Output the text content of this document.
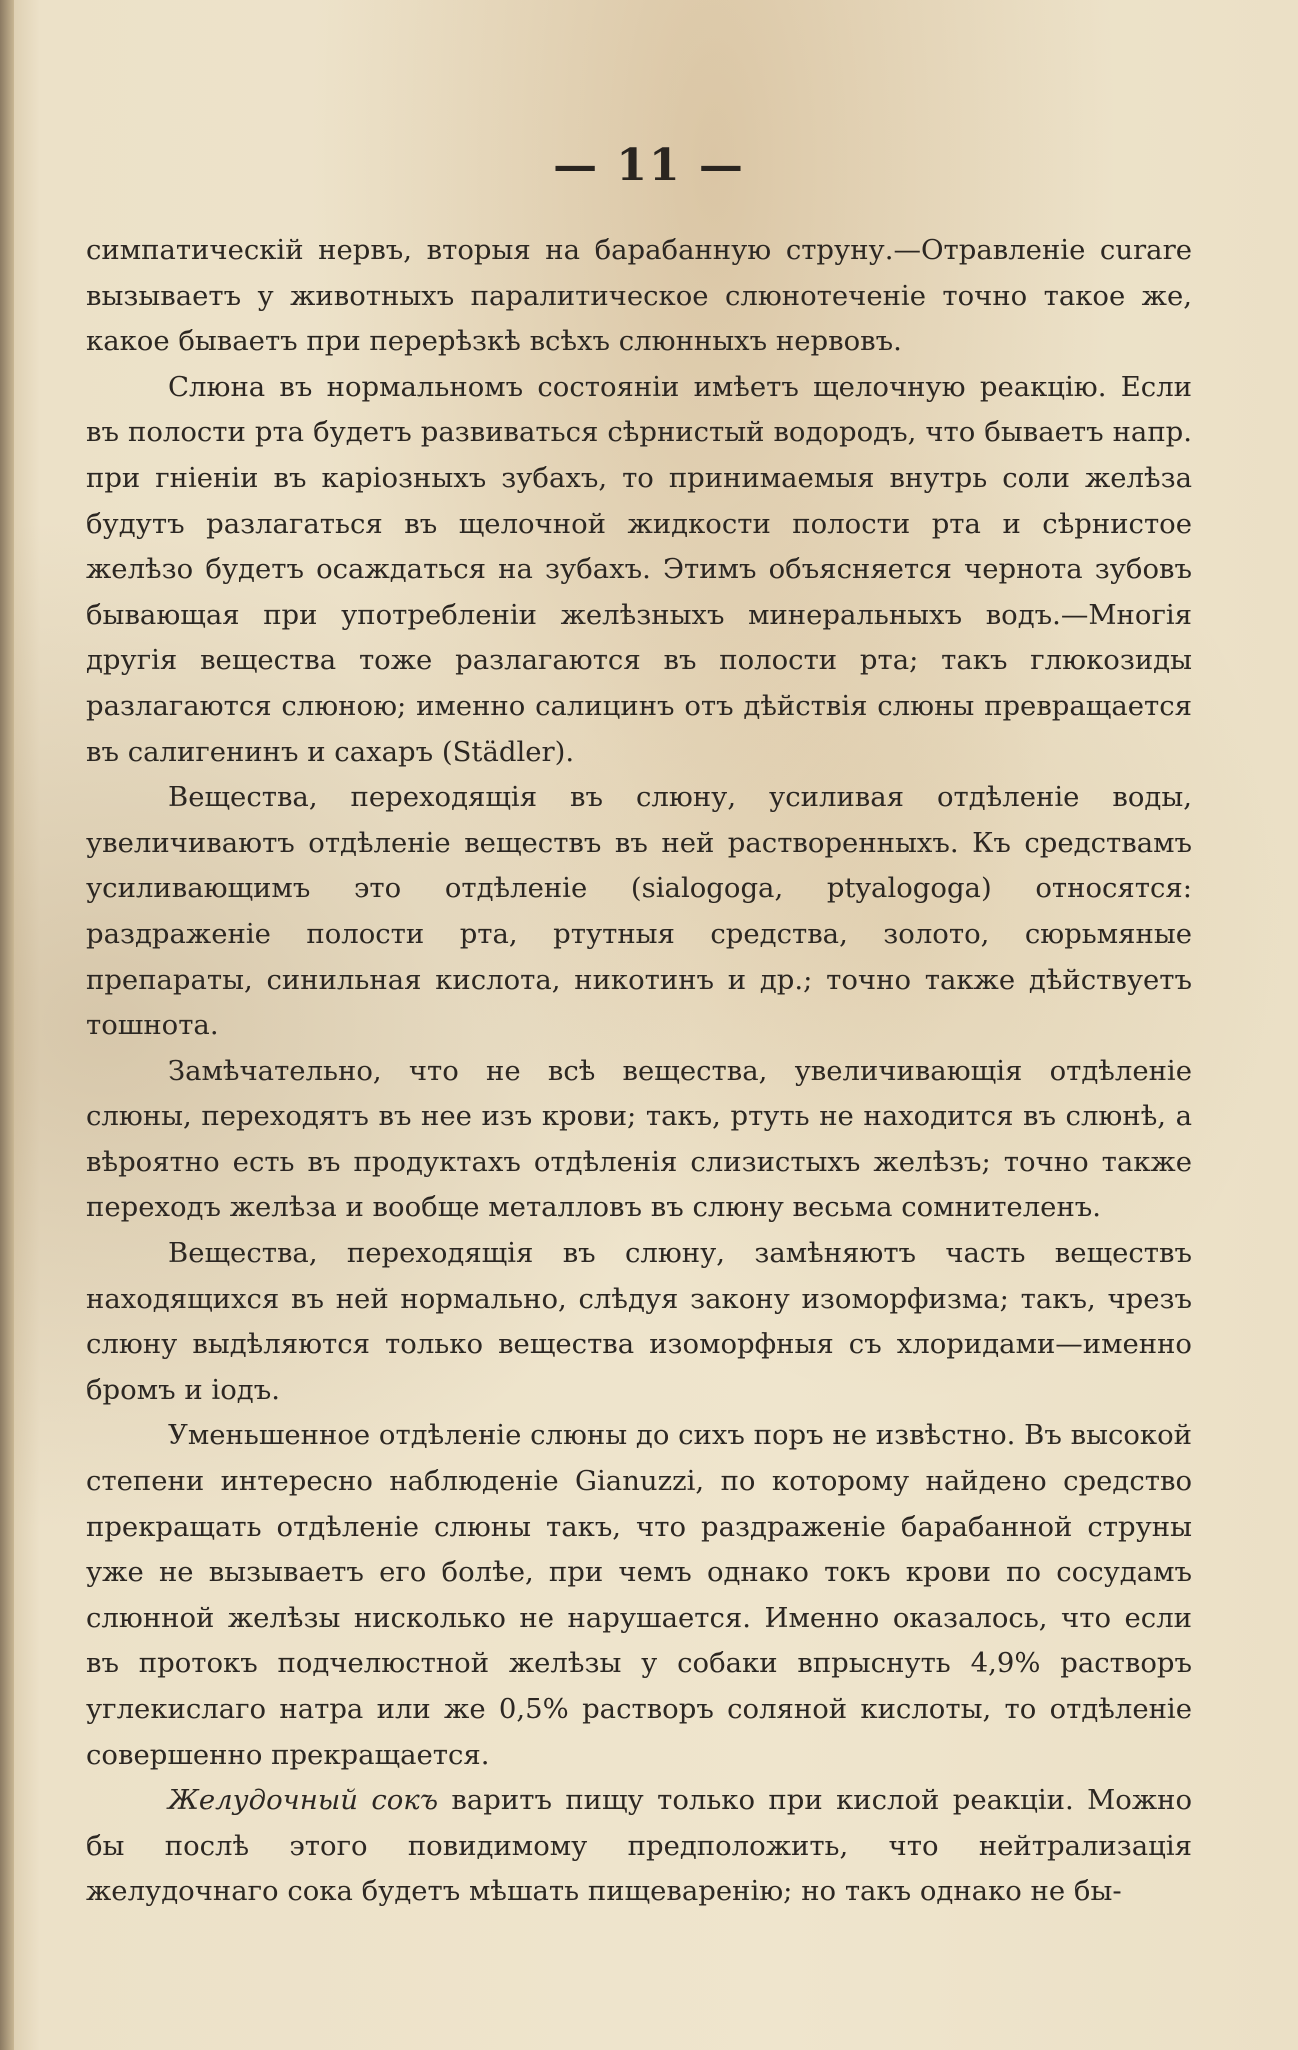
— 11 —

симпатическій нервъ, вторыя на барабанную струну.—Отравленіе curare вызываетъ у животныхъ паралитическое слюнотеченіе точно такое же, какое бываетъ при перерѣзкѣ всѣхъ слюнныхъ нервовъ.

Слюна въ нормальномъ состояніи имѣетъ щелочную реакцію. Если въ полости рта будетъ развиваться сѣрнистый водородъ, что бываетъ напр. при гніеніи въ каріозныхъ зубахъ, то принимаемыя внутрь соли желѣза будутъ разлагаться въ щелочной жидкости полости рта и сѣрнистое желѣзо будетъ осаждаться на зубахъ. Этимъ объясняется чернота зубовъ бывающая при употребленіи желѣзныхъ минеральныхъ водъ.—Многія другія вещества тоже разлагаются въ полости рта; такъ глюкозиды разлагаются слюною; именно салицинъ отъ дѣйствія слюны превращается въ салигенинъ и сахаръ (Städler).

Вещества, переходящія въ слюну, усиливая отдѣленіе воды, увеличиваютъ отдѣленіе веществъ въ ней растворенныхъ. Къ средствамъ усиливающимъ это отдѣленіе (sialogoga, ptyalogoga) относятся: раздраженіе полости рта, ртутныя средства, золото, сюрьмяные препараты, синильная кислота, никотинъ и др.; точно также дѣйствуетъ тошнота.

Замѣчательно, что не всѣ вещества, увеличивающія отдѣленіе слюны, переходятъ въ нее изъ крови; такъ, ртуть не находится въ слюнѣ, а вѣроятно есть въ продуктахъ отдѣленія слизистыхъ желѣзъ; точно также переходъ желѣза и вообще металловъ въ слюну весьма сомнителенъ.

Вещества, переходящія въ слюну, замѣняютъ часть веществъ находящихся въ ней нормально, слѣдуя закону изоморфизма; такъ, чрезъ слюну выдѣляются только вещества изоморфныя съ хлоридами—именно бромъ и іодъ.

Уменьшенное отдѣленіе слюны до сихъ поръ не извѣстно. Въ высокой степени интересно наблюденіе Gianuzzi, по которому найдено средство прекращать отдѣленіе слюны такъ, что раздраженіе барабанной струны уже не вызываетъ его болѣе, при чемъ однако токъ крови по сосудамъ слюнной желѣзы нисколько не нарушается. Именно оказалось, что если въ протокъ подчелюстной желѣзы у собаки впрыснуть 4,9% растворъ углекислаго натра или же 0,5% растворъ соляной кислоты, то отдѣленіе совершенно прекращается.

Желудочный сокъ варитъ пищу только при кислой реакціи. Можно бы послѣ этого повидимому предположить, что нейтрализація желудочнаго сока будетъ мѣшать пищеваренію; но такъ однако не бы-
